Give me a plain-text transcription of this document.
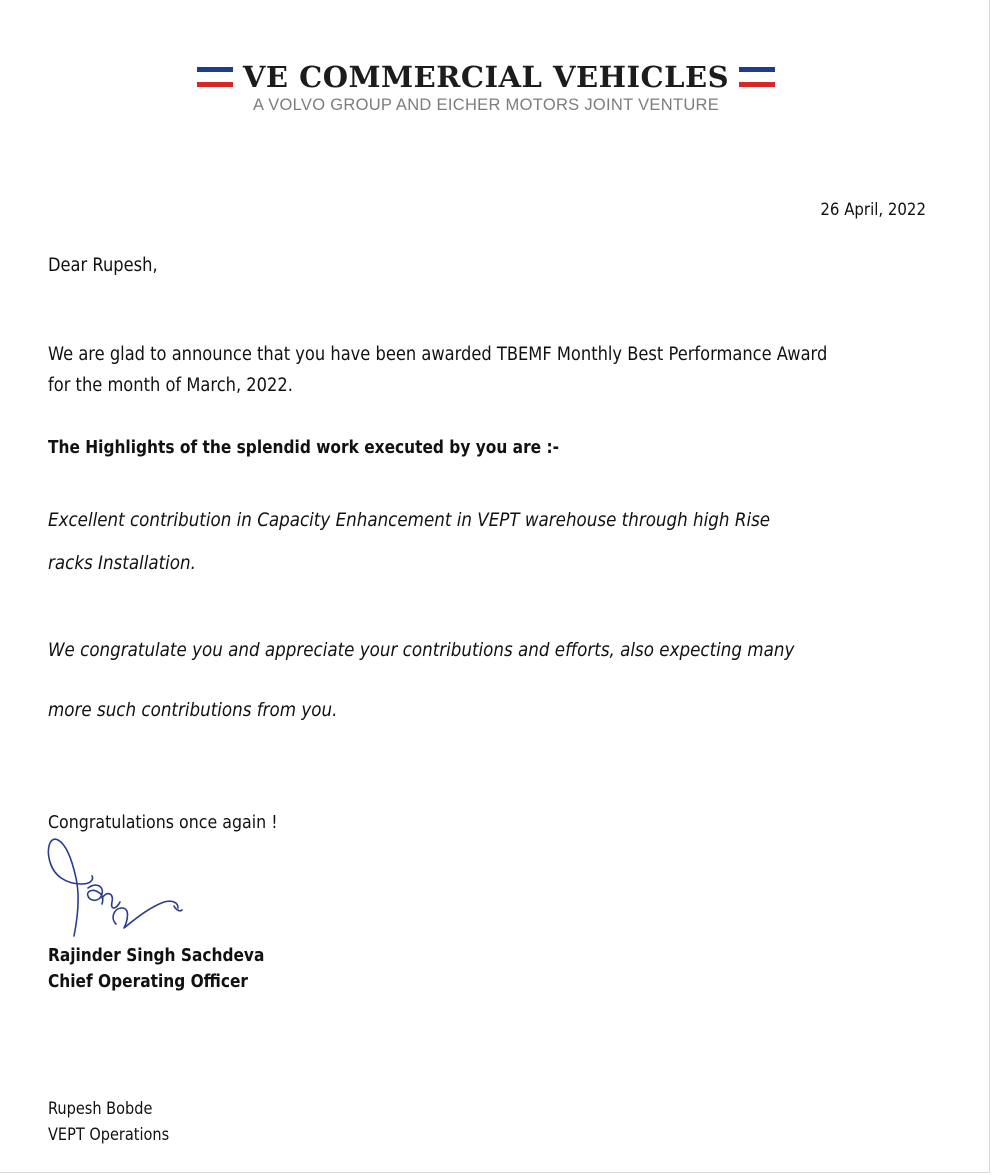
VE COMMERCIAL VEHICLES
A VOLVO GROUP AND EICHER MOTORS JOINT VENTURE
26 April, 2022
Dear Rupesh,
We are glad to announce that you have been awarded TBEMF Monthly Best Performance Award
for the month of March, 2022.
The Highlights of the splendid work executed by you are :-
Excellent contribution in Capacity Enhancement in VEPT warehouse through high Rise
racks Installation.
We congratulate you and appreciate your contributions and efforts, also expecting many
more such contributions from you.
Congratulations once again !
Rajinder Singh Sachdeva
Chief Operating Officer
Rupesh Bobde
VEPT Operations
